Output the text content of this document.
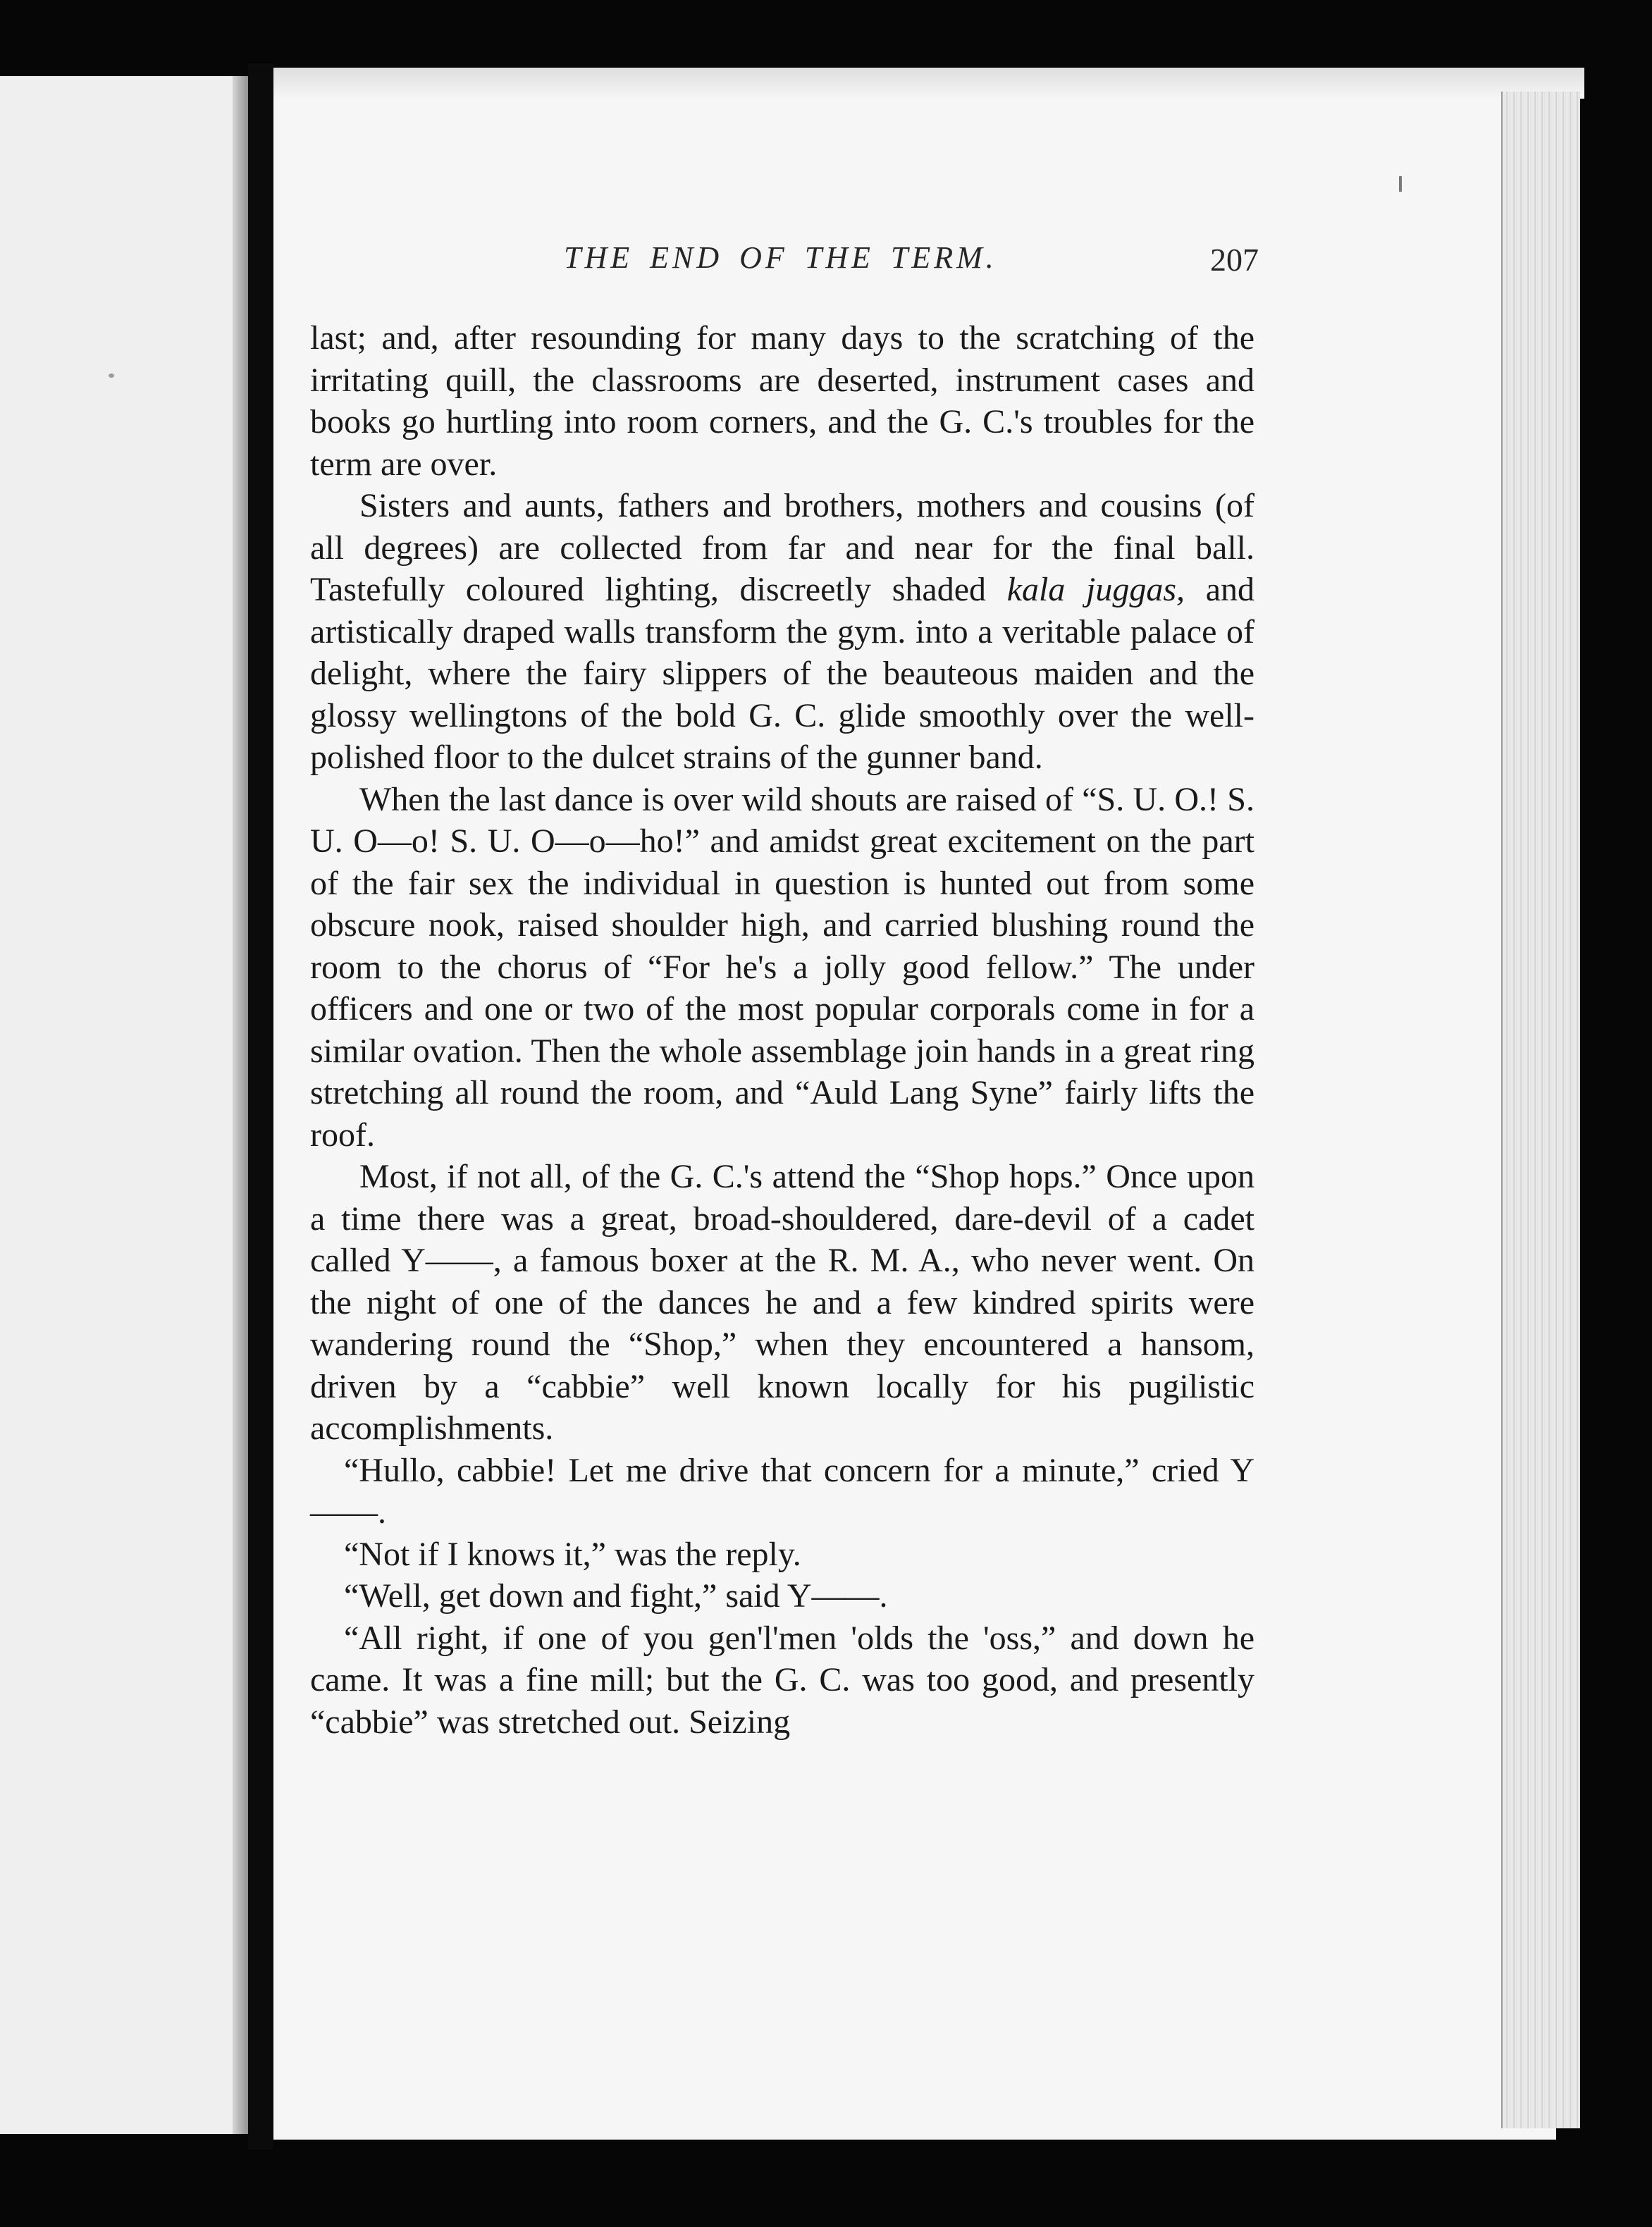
THE END OF THE TERM.	207

last; and, after resounding for many days to the scratching of the irritating quill, the classrooms are deserted, instrument cases and books go hurtling into room corners, and the G. C.'s troubles for the term are over.

Sisters and aunts, fathers and brothers, mothers and cousins (of all degrees) are collected from far and near for the final ball. Tastefully coloured lighting, discreetly shaded kala juggas, and artistically draped walls transform the gym. into a veritable palace of delight, where the fairy slippers of the beauteous maiden and the glossy wellingtons of the bold G. C. glide smoothly over the well-polished floor to the dulcet strains of the gunner band.

When the last dance is over wild shouts are raised of “S. U. O.! S. U. O—o! S. U. O—o—ho!” and amidst great excitement on the part of the fair sex the individual in question is hunted out from some obscure nook, raised shoulder high, and carried blushing round the room to the chorus of “For he's a jolly good fellow.” The under officers and one or two of the most popular corporals come in for a similar ovation. Then the whole assemblage join hands in a great ring stretching all round the room, and “Auld Lang Syne” fairly lifts the roof.

Most, if not all, of the G. C.'s attend the “Shop hops.” Once upon a time there was a great, broad-shouldered, dare-devil of a cadet called Y——, a famous boxer at the R. M. A., who never went. On the night of one of the dances he and a few kindred spirits were wandering round the “Shop,” when they encountered a hansom, driven by a “cabbie” well known locally for his pugilistic accomplishments.

“Hullo, cabbie! Let me drive that concern for a minute,” cried Y——.

“Not if I knows it,” was the reply.

“Well, get down and fight,” said Y——.

“All right, if one of you gen'l'men 'olds the 'oss,” and down he came. It was a fine mill; but the G. C. was too good, and presently “cabbie” was stretched out. Seizing
